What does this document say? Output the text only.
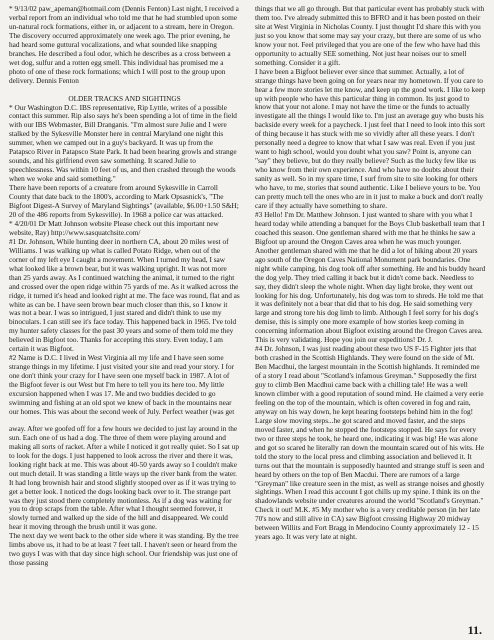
* 9/13/02 paw_apeman@hotmail.com (Dennis Fenton) Last night, I received a verbal report from an individual who told me that he had stumbled upon some un-natural rock formations, either in, or adjacent to a stream, here in Oregon. The discovery occurred approximately one week ago. The prior evening, he had heard some guttural vocalizations, and what sounded like snapping branches. He described a foul odor, which he describes as a cross between a wet dog, sulfur and a rotten egg smell. This individual has promised me a photo of one of these rock formations; which I will post to the group upon delivery. Dennis Fenton

OLDER TRACKS AND SIGHTINGS

* Our Washington D.C. IBS representative, Rip Lyttle, writes of a possible contact this summer. Rip also says he's been spending a lot of time in the field with our IBS Webmaster, Bill Dranganis. "I'm almost sure Julie and I were stalked by the Sykesville Monster here in central Maryland one night this summer, when we camped out in a guy's backyard. It was up from the Patapsco River in Patapsco State Park. It had been hearing growls and strange sounds, and his girlfriend even saw something. It scared Julie to speechlessness. Was within 10 feet of us, and then crashed through the woods when we woke and said something."

There have been reports of a creature from around Sykesville in Carroll County that date back to the 1800's, according to Mark Opsasnick's, "The Bigfoot Digest-A Survey of Maryland Sightings" (available, $6.00+1.50 S&H; 20 of the 486 reports from Sykesville). In 1968 a police car was attacked.

* 4/20/01 Dr Matt Johnson website Please check out this important new website, Ray) http://www.sasquatchsite.com/

#1 Dr. Johnson, While hunting deer in northern CA, about 20 miles west of Williams. I was walking up what is called Potato Ridge, when out of the corner of my left eye I caught a movement. When I turned my head, I saw what looked like a brown bear, but it was walking upright. It was not more than 25 yards away. As I continued watching the animal, it turned to the right and crossed over the open ridge within 75 yards of me. As it walked across the ridge, it turned it's head and looked right at me. The face was round, flat and as white as can be. I have seen brown bear much closer than this, so I know it was not a bear. I was so intrigued, I just stared and didn't think to use my binoculars. I can still see it's face today. This happened back in 1965. I've told my hunter safety classes for the past 30 years and some of them told me they believed in Bigfoot too. Thanks for accepting this story. Even today, I am certain it was Bigfoot.

#2 Name is D.C. I lived in West Virginia all my life and I have seen some strange things in my lifetime. I just visited your site and read your story. I for one don't think your crazy for I have seen one myself back in 1987. A lot of the Bigfoot fever is out West but I'm here to tell you its here too. My little excursion happened when I was 17. Me and two buddies decided to go swimming and fishing at an old spot we knew of back in the mountains near our homes. This was about the second week of July. Perfect weather (was get

away. After we goofed off for a few hours we decided to just lay around in the sun. Each one of us had a dog. The three of them were playing around and making all sorts of racket. After a while I noticed it got really quiet. So I sat up to look for the dogs. I just happened to look across the river and there it was, looking right back at me. This was about 40-50 yards away so I couldn't make out much detail. It was standing a little ways up the river bank from the water. It had long brownish hair and stood slightly stooped over as if it was trying to get a better look. I noticed the dogs looking back over to it. The strange part was they just stood there completely motionless. As if a dog was waiting for you to drop scraps from the table. After what I thought seemed forever, it slowly turned and walked up the side of the hill and disappeared. We could hear it moving through the brush until it was gone.

The next day we went back to the other side where it was standing. By the tree limbs above us, it had to be at least 7 feet tall. I haven't seen or heard from the two guys I was with that day since high school. Our friendship was just one of those passing

things that we all go through. But that particular event has probably stuck with them too. I've already submitted this to BFRO and it has been posted on their site at West Virginia in Nicholas County. I just thought I'd share this with you just so you know that some may say your crazy, but there are some of us who know your not. Feel privileged that you are one of the few who have had this opportunity to actually SEE something. Not just hear noises our to smell something. Consider it a gift.

I have been a Bigfoot believer ever since that summer. Actually, a lot of strange things have been going on for years near my hometown. If you care to hear a few more stories let me know, and keep up the good work. I like to keep up with people who have this particular thing in common. Its just good to know that your not alone. I may not have the time or the funds to actually investigate all the things I would like to. I'm just an average guy who busts his backside every week for a paycheck. I just feel that I need to look into this sort of thing because it has stuck with me so vividly after all these years. I don't personally need a degree to know that what I saw was real. Even if you just want to high school, would you doubt what you saw? Point is, anyone can "say" they believe, but do they really believe? Such as the lucky few like us who know from their own experience. And who have no doubts about their sanity as well. So in my spare time, I surf from site to site looking for others who have, to me, stories that sound authentic. Like I believe yours to be. You can pretty much tell the ones who are in it just to make a buck and don't really care if they actually have something to share.

#3 Hello! I'm Dr. Matthew Johnson. I just wanted to share with you what I heard today while attending a banquet for the Boys Club basketball team that I coached this season. One gentleman shared with me that he thinks he saw a Bigfoot up around the Oregon Caves area when he was much younger. Another gentleman shared with me that he did a lot of hiking about 20 years ago south of the Oregon Caves National Monument park boundaries. One night while camping, his dog took off after something. He and his buddy heard the dog yelp. They tried calling it back but it didn't come back. Needless to say, they didn't sleep the whole night. When day light broke, they went out looking for his dog. Unfortunately, his dog was torn to shreds. He told me that it was definitely not a bear that did that to his dog. He said something very large and strong tore his dog limb to limb. Although I feel sorry for his dog's demise, this is simply one more example of how stories keep coming in concerning information about Bigfoot existing around the Oregon Caves area. This is very validating. Hope you join our expeditions! Dr. J.

#4 Dr. Johnson, I was just reading about these two US F-15 Fighter jets that both crashed in the Scottish Highlands. They were found on the side of Mt. Ben Macdhui, the largest mountain in the Scottish highlands. It reminded me of a story I read about "Scotland's infamous Greyman." Supposedly the first guy to climb Ben Macdhui came back with a chilling tale! He was a well known climber with a good reputation of sound mind. He claimed a very eerie feeling on the top of the mountain, which is often covered in fog and rain, anyway on his way down, he kept hearing footsteps behind him in the fog! Large slow moving steps...he got scared and moved faster, and the steps moved faster, and when he stopped the footsteps stopped. He says for every two or three steps he took, he heard one, indicating it was big! He was alone and got so scared he literally ran down the mountain scared out of his wits. He told the story to the local press and climbing association and believed it. It turns out that the mountain is supposedly haunted and strange stuff is seen and heard by others on the top of Ben Macdui. There are rumors of a large "Greyman" like creature seen in the mist, as well as strange noises and ghostly sightings. When I read this account I got chills up my spine. I think its on the shadowlands website under creatures around the world "Scotland's Greyman." Check it out! M.K. #5 My mother who is a very creditable person (in her late 70's now and still alive in CA) saw Bigfoot crossing Highway 20 midway between Willits and Fort Bragg in Mendocino County approximately 12 - 15 years ago. It was very late at night.

11.
